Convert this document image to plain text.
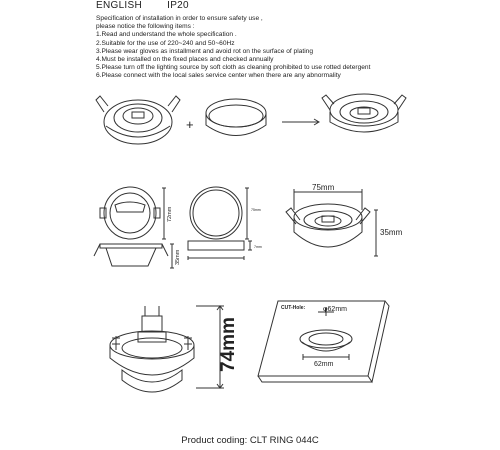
ENGLISH	IP20
Specification of installation in order to ensure safety use ,
please notice the following items :
1.Read and understand the whole specification .
2.Suitable for the use of 220~240 and 50~60Hz
3.Please wear gloves as installment and avoid rot on the surface of plating
4.Must be installed on the fixed places and checked annually
5.Please turn off the lighting source by soft cloth as cleaning prohibited to use rotted detergent
6.Please connect with the local sales service center when there are any abnormality
+
75mm
35mm
72mm
35mm
75mm
7mm
74mm
CUT-Hole:	φ62mm
62mm
Product coding: CLT RING 044C
